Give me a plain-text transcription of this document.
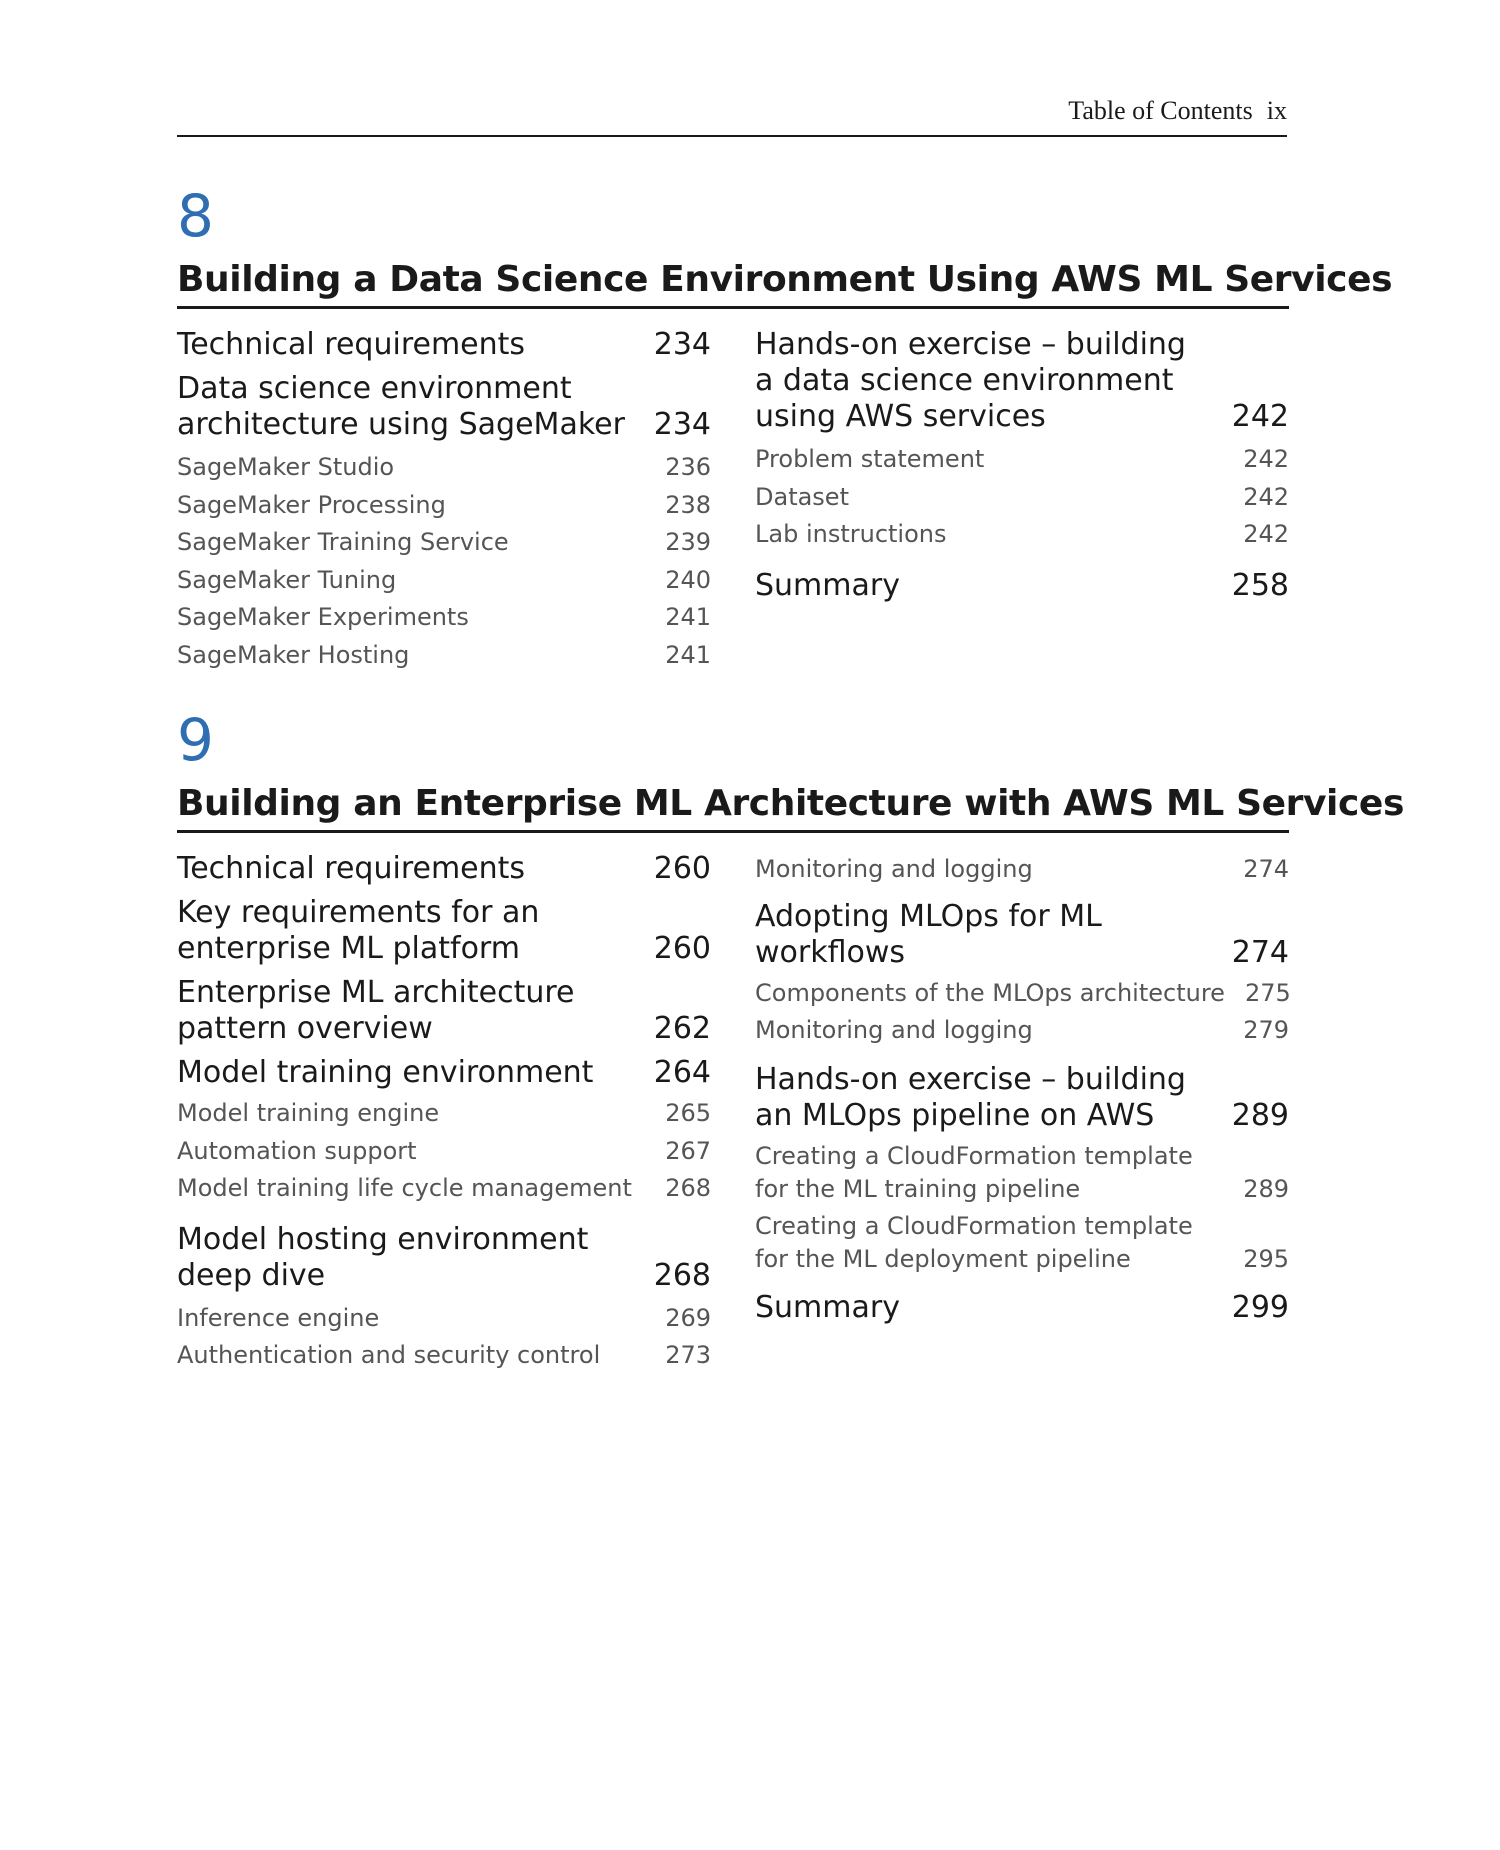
Table of Contents ix
8
Building a Data Science Environment Using AWS ML Services
Technical requirements	234
Data science environment architecture using SageMaker 234
SageMaker Studio	236
SageMaker Processing	238
SageMaker Training Service	239
SageMaker Tuning	240
SageMaker Experiments	241
SageMaker Hosting	241
Hands-on exercise – building a data science environment using AWS services	242
Problem statement	242
Dataset	242
Lab instructions	242
Summary	258
9
Building an Enterprise ML Architecture with AWS ML Services
Technical requirements	260
Key requirements for an enterprise ML platform	260
Enterprise ML architecture pattern overview	262
Model training environment	264
Model training engine	265
Automation support	267
Model training life cycle management	268
Model hosting environment deep dive	268
Inference engine	269
Authentication and security control	273
Monitoring and logging	274
Adopting MLOps for ML workflows	274
Components of the MLOps architecture 275
Monitoring and logging	279
Hands-on exercise – building an MLOps pipeline on AWS	289
Creating a CloudFormation template for the ML training pipeline	289
Creating a CloudFormation template for the ML deployment pipeline	295
Summary	299
